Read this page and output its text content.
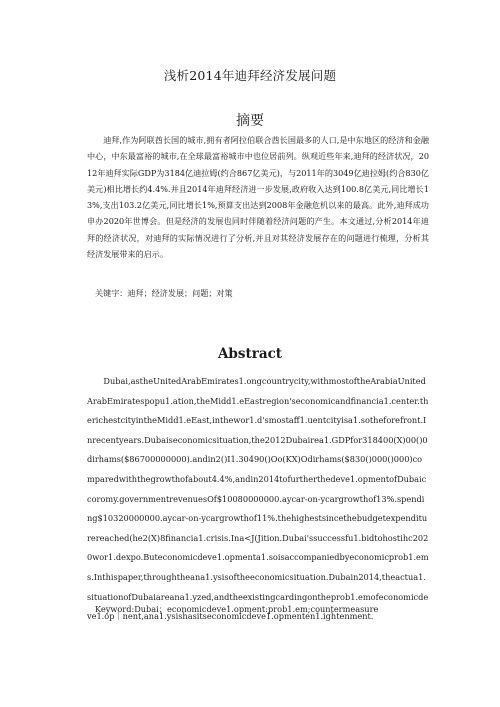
浅析2014年迪拜经济发展问题
摘要
迪拜,作为阿联酋长国的城市,拥有者阿拉伯联合酋长国最多的人口,是中东地区的经济和金融中心，中东最富裕的城市,在全球最富裕城市中也位居前列。纵观近些年来,迪拜的经济状况，2012年迪拜实际GDP为3184亿迪拉姆(约合867亿美元)，与2011年的3049亿迪拉姆(约合830亿美元)相比增长约4.4%.并且2014年迪拜经济进一步发展,政府收入达到100.8亿美元,同比增长13%,支出103.2亿美元,同比增长1%,预算支出达到2008年金融危机以来的最高。此外,迪拜成功申办2020年世博会。但是经济的发展也同时伴随着经济问题的产生。本文通过,分析2014年迪拜的经济状况，对迪拜的实际情况进行了分析,并且对其经济发展存在的问题进行梳理，分析其经济发展带来的启示。
关键字：迪拜；经济发展；问题；对策
Abstract
Dubai,astheUnitedArabEmirates1.ongcountrycity,withmostoftheArabiaUnitedArabEmiratespopu1.ation,theMidd1.eEastregion'seconomicandfinancia1.center.therichestcityintheMidd1.eEast,inthewor1.d'smostaff1.uentcityisa1.sotheforefront.Inrecentyears.Dubaiseconomicsituation,the2012Dubairea1.GDPfor318400(X)00()0dirhams($86700000000).andin2()I1.30490()Oo(KX)Odirhams($830()000()000)comparedwiththegrowthofabout4.4%,andin2014tofurtherthedeve1.opmentofDubaiccoromy.governmentrevenuesOf$10080000000.aycar-on-ycargrowthof13%.spending$10320000000.aycar-on-ycargrowthof11%.thehighestsincethebudgetexpenditurereached(he2(X)8financia1.crisis.Ina<J(Jition.Dubai'ssuccessfu1.bidtohostihc2020wor1.dexpo.Buteconomicdeve1.opmenta1.soisaccompaniedbyeconomicprob1.ems.Inthispaper,throughtheana1.ysisoftheeconomicsituation.Dubain2014,theactua1.situationofDubaiareana1.yzed,andtheexistingcardingontheprob1.emofeconomicdeve1.op｜nent,ana1.ysishasitseconomicdeve1.opmenten1.ightenment.
Keyword:Dubai；economicdeve1.opment:prob1.em;countermeasure
